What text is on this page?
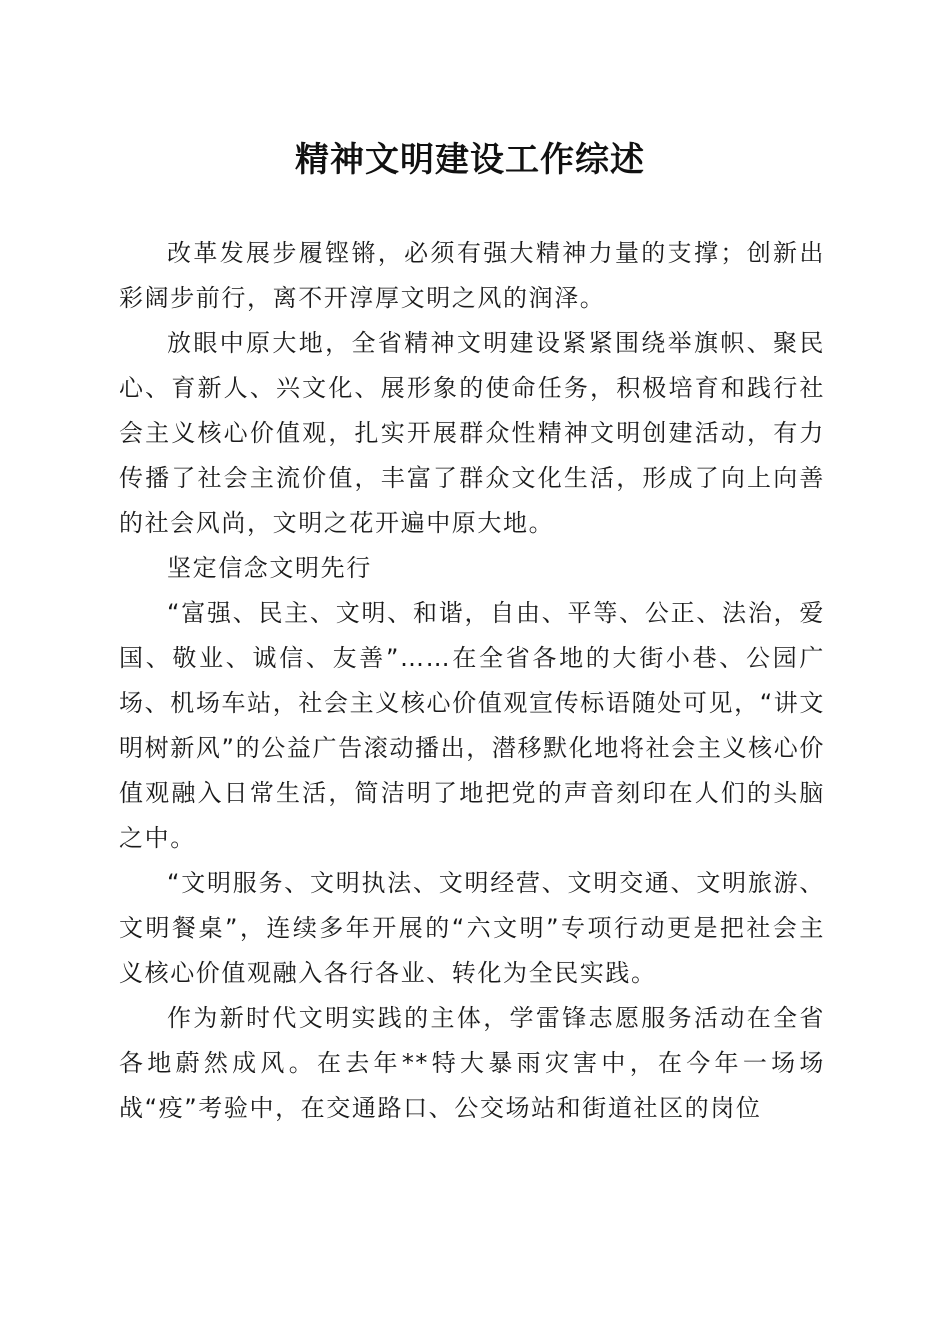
精神文明建设工作综述

改革发展步履铿锵，必须有强大精神力量的支撑；创新出彩阔步前行，离不开淳厚文明之风的润泽。

放眼中原大地，全省精神文明建设紧紧围绕举旗帜、聚民心、育新人、兴文化、展形象的使命任务，积极培育和践行社会主义核心价值观，扎实开展群众性精神文明创建活动，有力传播了社会主流价值，丰富了群众文化生活，形成了向上向善的社会风尚，文明之花开遍中原大地。

坚定信念文明先行

“富强、民主、文明、和谐，自由、平等、公正、法治，爱国、敬业、诚信、友善”……在全省各地的大街小巷、公园广场、机场车站，社会主义核心价值观宣传标语随处可见，“讲文明树新风”的公益广告滚动播出，潜移默化地将社会主义核心价值观融入日常生活，简洁明了地把党的声音刻印在人们的头脑之中。

“文明服务、文明执法、文明经营、文明交通、文明旅游、文明餐桌”，连续多年开展的“六文明”专项行动更是把社会主义核心价值观融入各行各业、转化为全民实践。

作为新时代文明实践的主体，学雷锋志愿服务活动在全省各地蔚然成风。在去年**特大暴雨灾害中，在今年一场场战“疫”考验中，在交通路口、公交场站和街道社区的岗位
